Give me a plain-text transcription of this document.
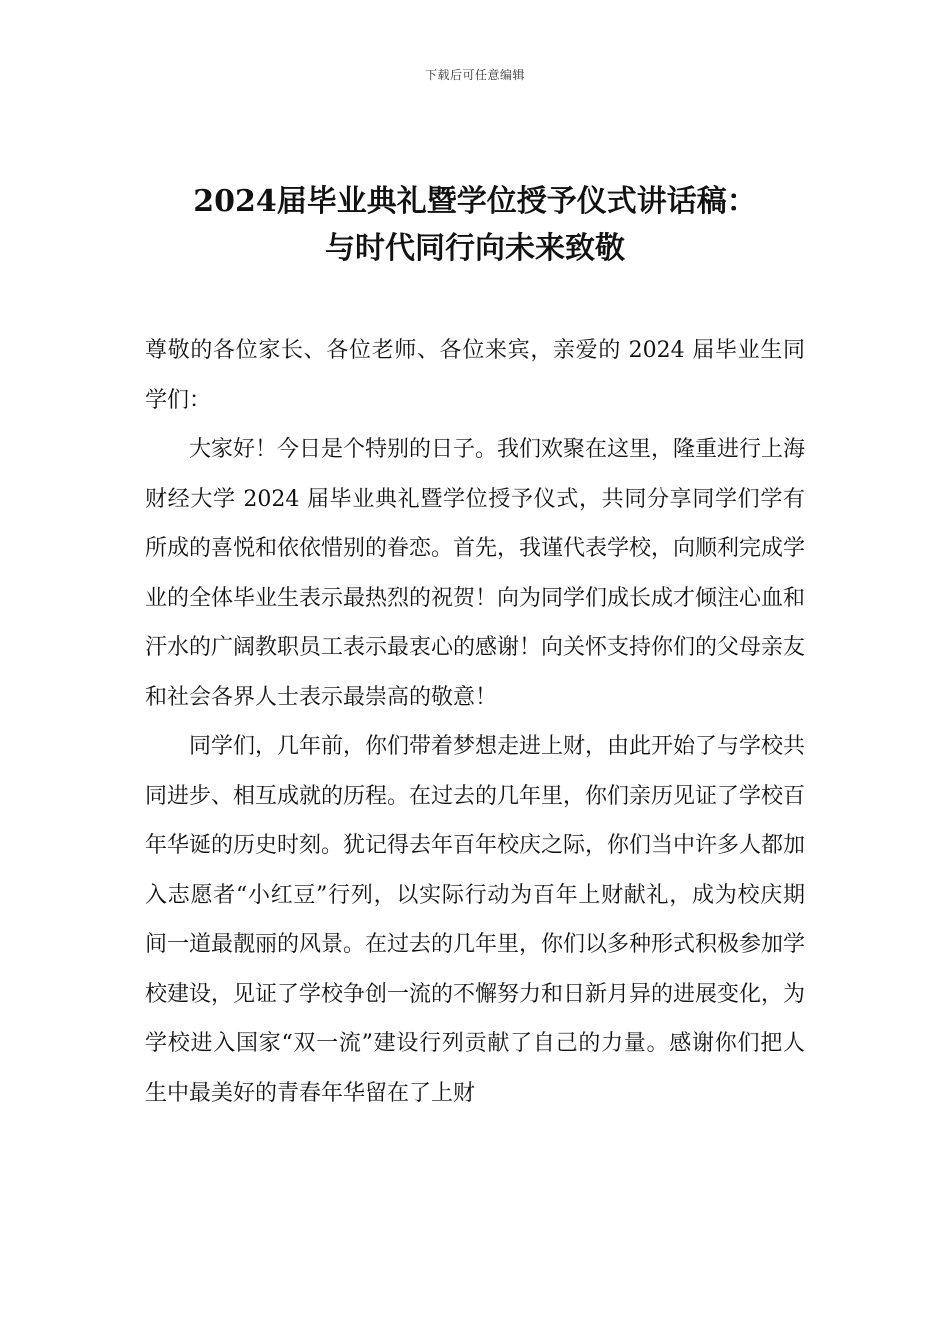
下载后可任意编辑
2024届毕业典礼暨学位授予仪式讲话稿：
与时代同行向未来致敬

尊敬的各位家长、各位老师、各位来宾，亲爱的 2024 届毕业生同学们：

大家好！今日是个特别的日子。我们欢聚在这里，隆重进行上海财经大学 2024 届毕业典礼暨学位授予仪式，共同分享同学们学有所成的喜悦和依依惜别的眷恋。首先，我谨代表学校，向顺利完成学业的全体毕业生表示最热烈的祝贺！向为同学们成长成才倾注心血和汗水的广阔教职员工表示最衷心的感谢！向关怀支持你们的父母亲友和社会各界人士表示最崇高的敬意！

同学们，几年前，你们带着梦想走进上财，由此开始了与学校共同进步、相互成就的历程。在过去的几年里，你们亲历见证了学校百年华诞的历史时刻。犹记得去年百年校庆之际，你们当中许多人都加入志愿者“小红豆”行列，以实际行动为百年上财献礼，成为校庆期间一道最靓丽的风景。在过去的几年里，你们以多种形式积极参加学校建设，见证了学校争创一流的不懈努力和日新月异的进展变化，为学校进入国家“双一流”建设行列贡献了自己的力量。感谢你们把人生中最美好的青春年华留在了上财
